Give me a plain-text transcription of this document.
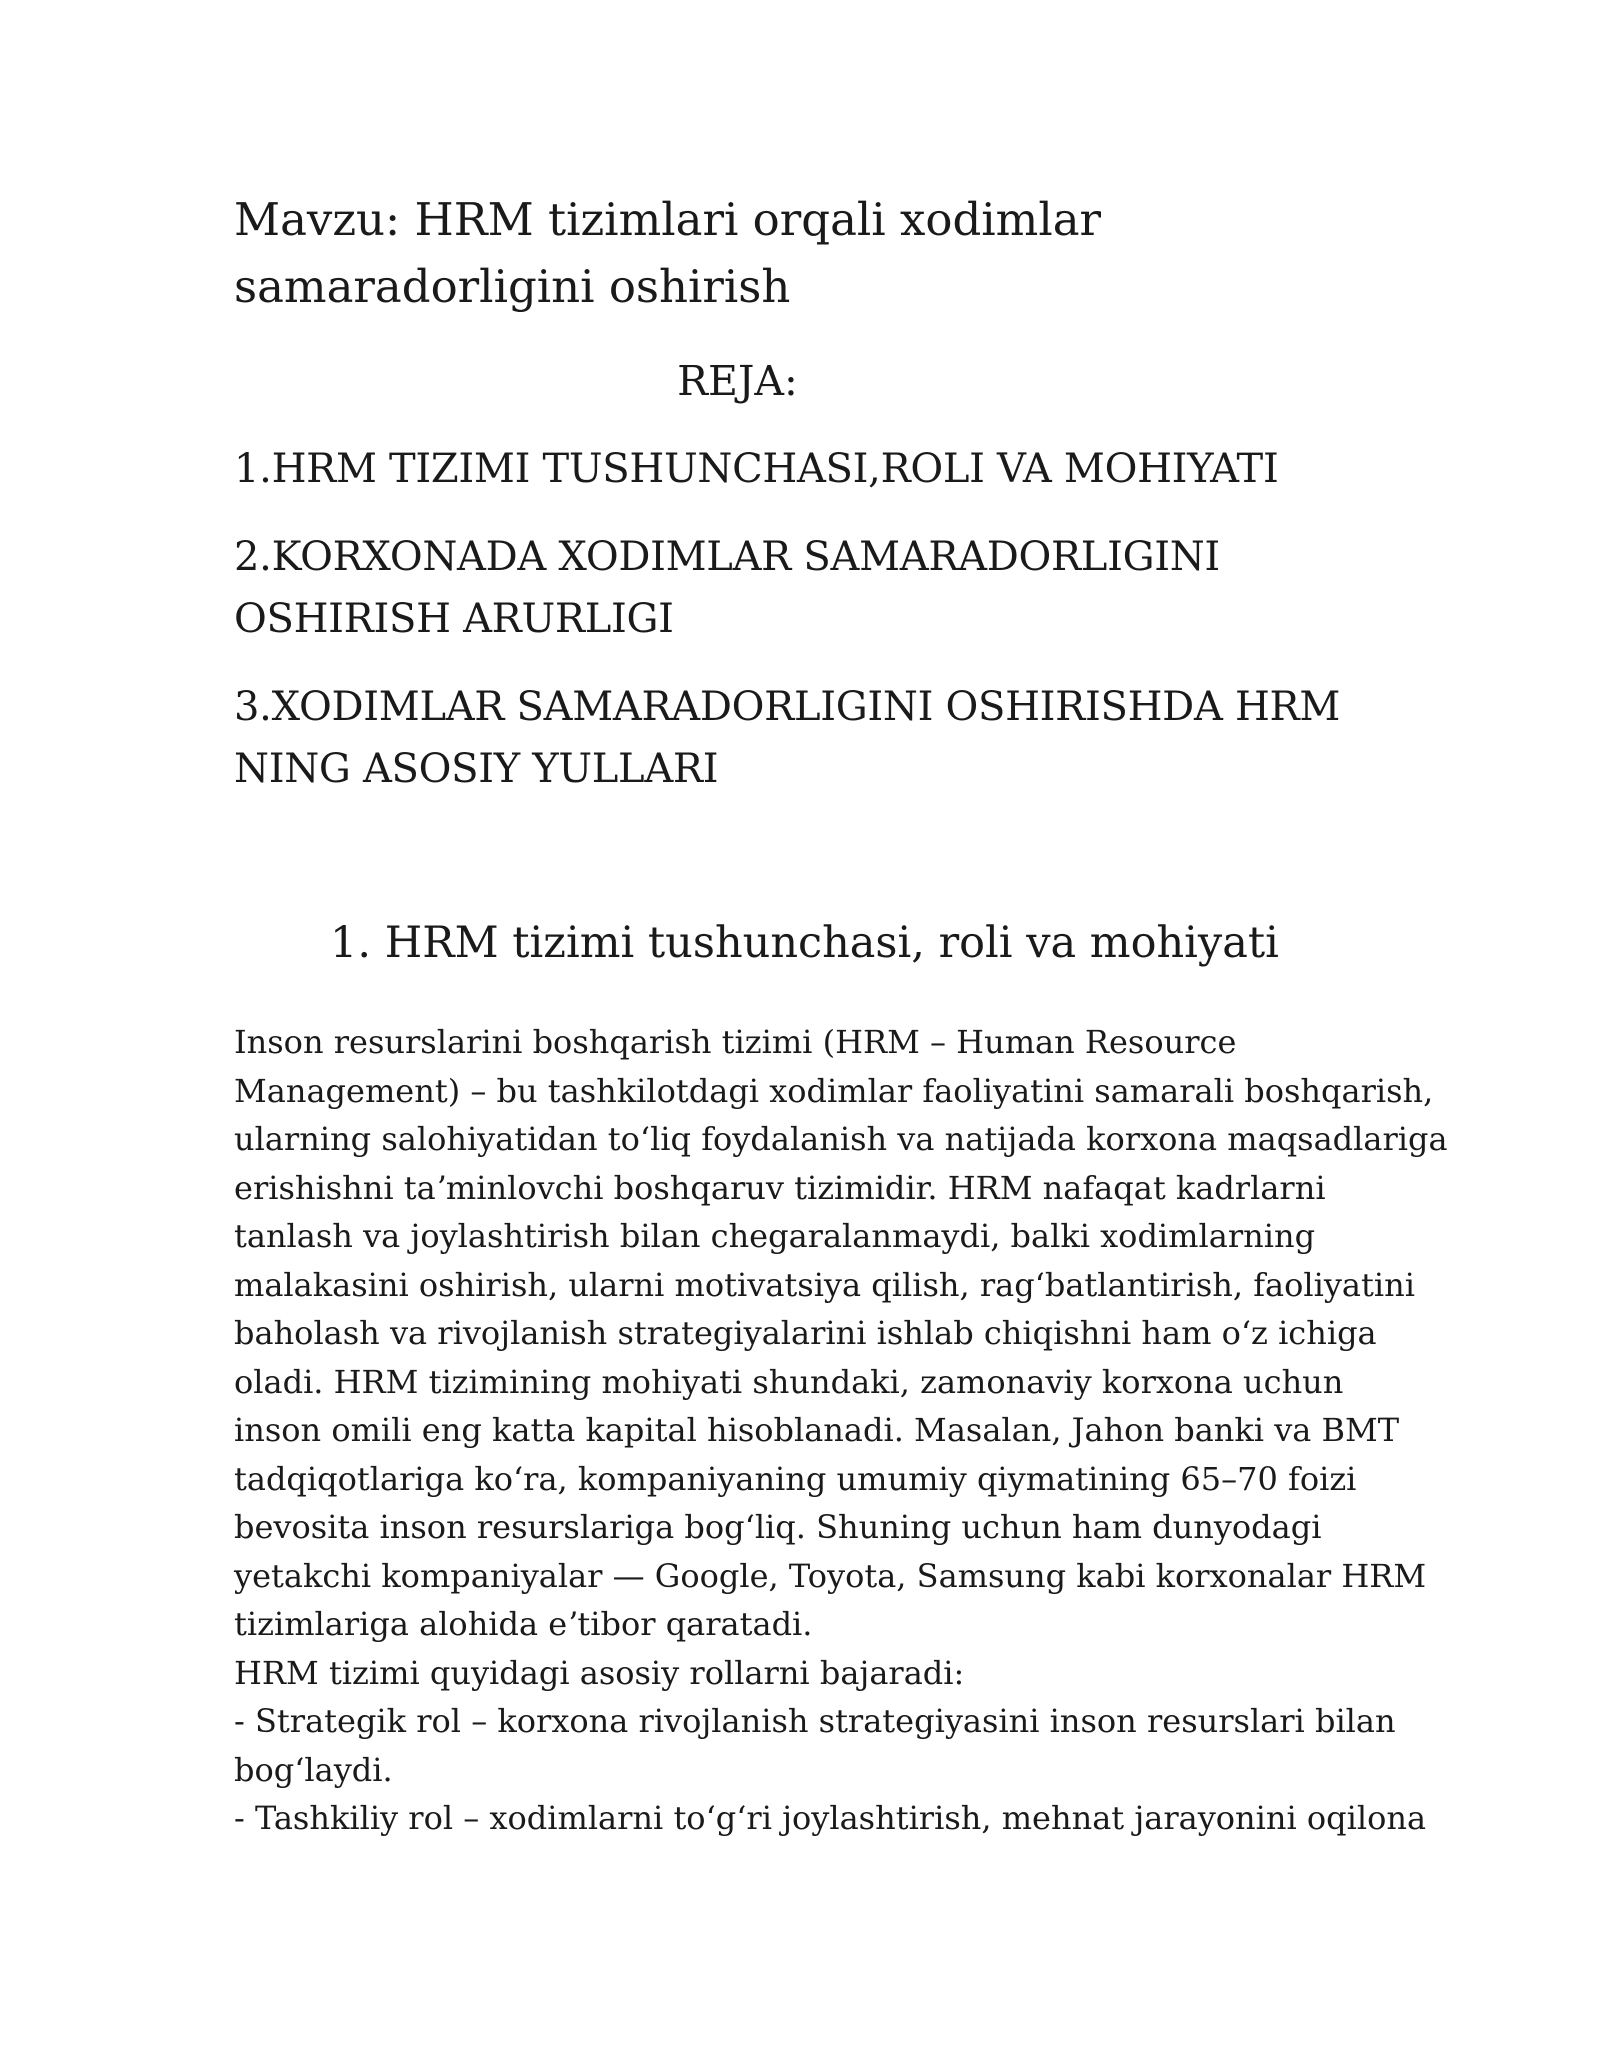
Mavzu: HRM tizimlari orqali xodimlar
samaradorligini oshirish
REJA:
1.HRM TIZIMI TUSHUNCHASI,ROLI VA MOHIYATI
2.KORXONADA XODIMLAR SAMARADORLIGINI
OSHIRISH ARURLIGI
3.XODIMLAR SAMARADORLIGINI OSHIRISHDA HRM
NING ASOSIY YULLARI
1. HRM tizimi tushunchasi, roli va mohiyati

Inson resurslarini boshqarish tizimi (HRM – Human Resource

Management) – bu tashkilotdagi xodimlar faoliyatini samarali boshqarish,

ularning salohiyatidan toʻliq foydalanish va natijada korxona maqsadlariga

erishishni taʼminlovchi boshqaruv tizimidir. HRM nafaqat kadrlarni

tanlash va joylashtirish bilan chegaralanmaydi, balki xodimlarning

malakasini oshirish, ularni motivatsiya qilish, ragʻbatlantirish, faoliyatini

baholash va rivojlanish strategiyalarini ishlab chiqishni ham oʻz ichiga

oladi. HRM tizimining mohiyati shundaki, zamonaviy korxona uchun

inson omili eng katta kapital hisoblanadi. Masalan, Jahon banki va BMT

tadqiqotlariga koʻra, kompaniyaning umumiy qiymatining 65–70 foizi

bevosita inson resurslariga bogʻliq. Shuning uchun ham dunyodagi

yetakchi kompaniyalar — Google, Toyota, Samsung kabi korxonalar HRM

tizimlariga alohida eʼtibor qaratadi.

HRM tizimi quyidagi asosiy rollarni bajaradi:

- Strategik rol – korxona rivojlanish strategiyasini inson resurslari bilan

bogʻlaydi.

- Tashkiliy rol – xodimlarni toʻgʻri joylashtirish, mehnat jarayonini oqilona
